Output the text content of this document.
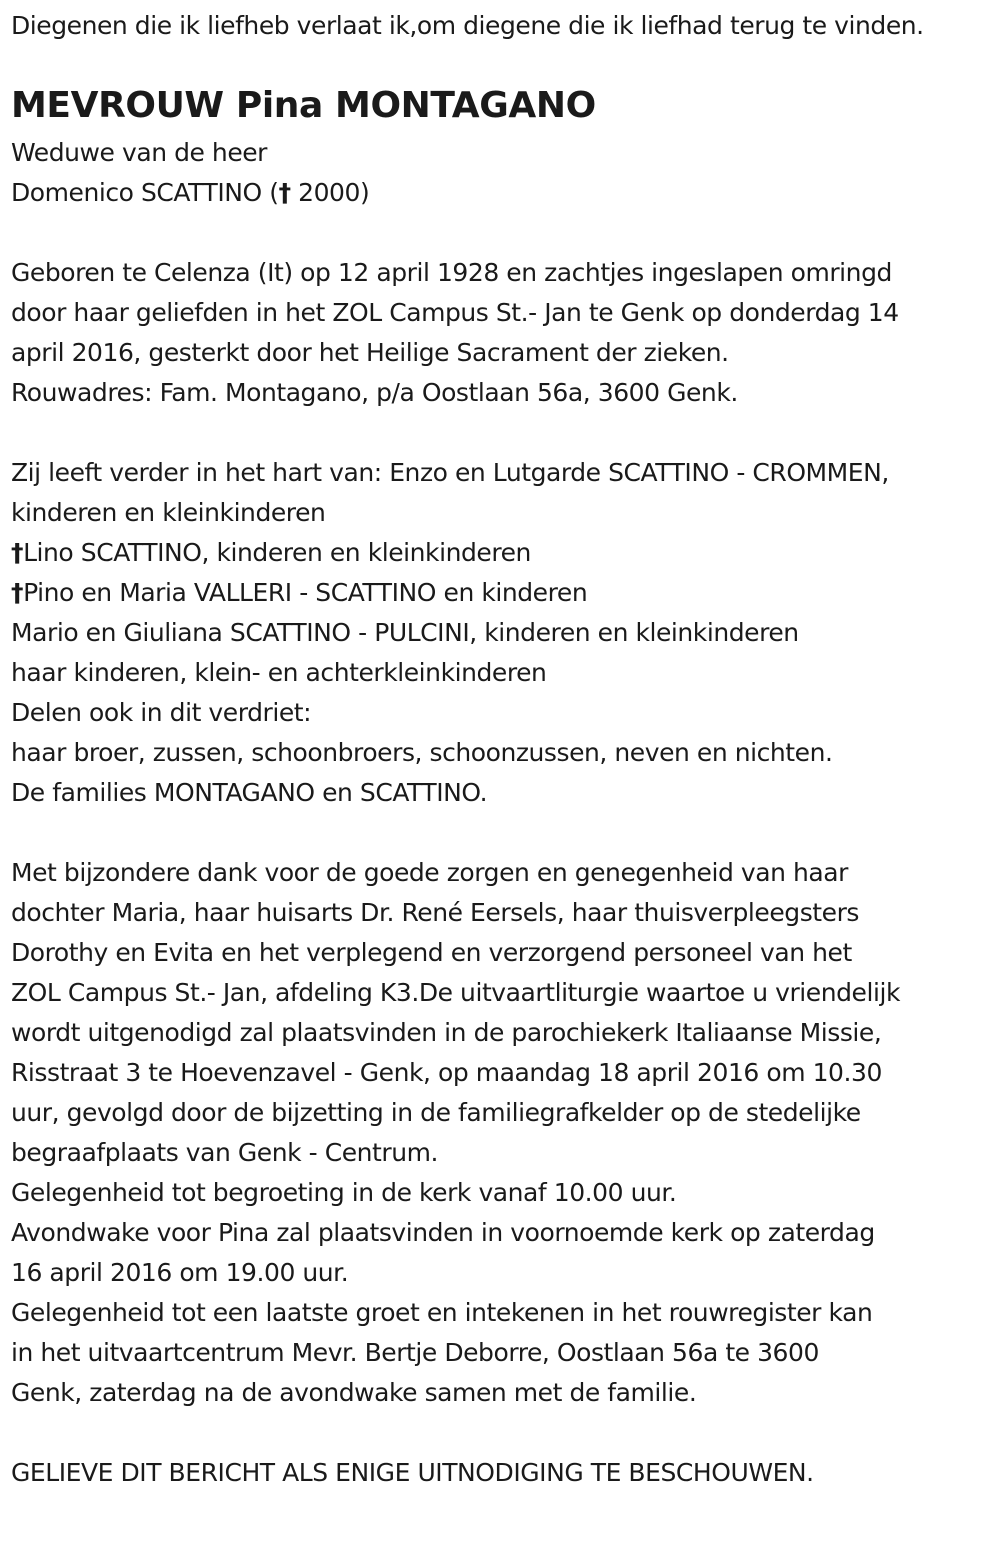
Diegenen die ik liefheb verlaat ik,om diegene die ik liefhad terug te vinden.
MEVROUW Pina MONTAGANO
Weduwe van de heer
Domenico SCATTINO († 2000)
Geboren te Celenza (It) op 12 april 1928 en zachtjes ingeslapen omringd
door haar geliefden in het ZOL Campus St.- Jan te Genk op donderdag 14
april 2016, gesterkt door het Heilige Sacrament der zieken.
Rouwadres: Fam. Montagano, p/a Oostlaan 56a, 3600 Genk.
Zij leeft verder in het hart van: Enzo en Lutgarde SCATTINO - CROMMEN,
kinderen en kleinkinderen
†Lino SCATTINO, kinderen en kleinkinderen
†Pino en Maria VALLERI - SCATTINO en kinderen
Mario en Giuliana SCATTINO - PULCINI, kinderen en kleinkinderen
haar kinderen, klein- en achterkleinkinderen
Delen ook in dit verdriet:
haar broer, zussen, schoonbroers, schoonzussen, neven en nichten.
De families MONTAGANO en SCATTINO.
Met bijzondere dank voor de goede zorgen en genegenheid van haar
dochter Maria, haar huisarts Dr. René Eersels, haar thuisverpleegsters
Dorothy en Evita en het verplegend en verzorgend personeel van het
ZOL Campus St.- Jan, afdeling K3.De uitvaartliturgie waartoe u vriendelijk
wordt uitgenodigd zal plaatsvinden in de parochiekerk Italiaanse Missie,
Risstraat 3 te Hoevenzavel - Genk, op maandag 18 april 2016 om 10.30
uur, gevolgd door de bijzetting in de familiegrafkelder op de stedelijke
begraafplaats van Genk - Centrum.
Gelegenheid tot begroeting in de kerk vanaf 10.00 uur.
Avondwake voor Pina zal plaatsvinden in voornoemde kerk op zaterdag
16 april 2016 om 19.00 uur.
Gelegenheid tot een laatste groet en intekenen in het rouwregister kan
in het uitvaartcentrum Mevr. Bertje Deborre, Oostlaan 56a te 3600
Genk, zaterdag na de avondwake samen met de familie.
GELIEVE DIT BERICHT ALS ENIGE UITNODIGING TE BESCHOUWEN.
